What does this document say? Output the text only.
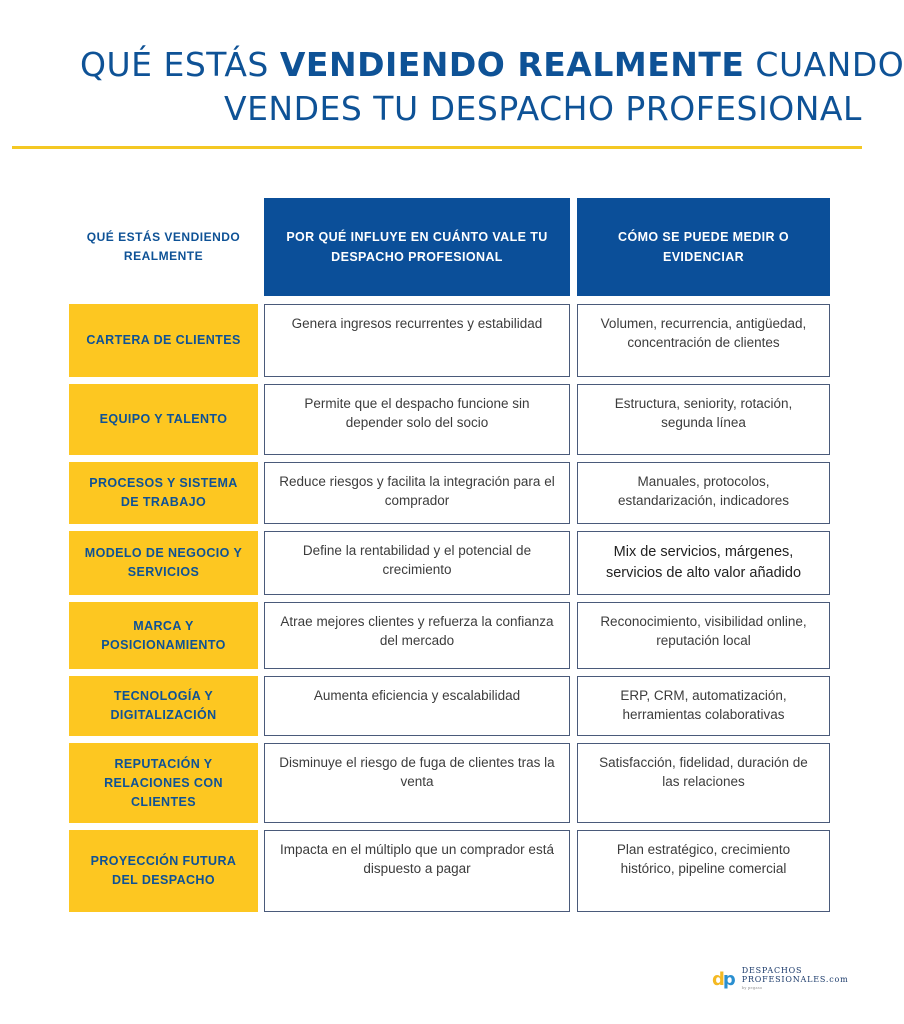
QUÉ ESTÁS VENDIENDO REALMENTE CUANDO
VENDES TU DESPACHO PROFESIONAL
QUÉ ESTÁS VENDIENDO REALMENTE
POR QUÉ INFLUYE EN CUÁNTO VALE TU DESPACHO PROFESIONAL
CÓMO SE PUEDE MEDIR O EVIDENCIAR
CARTERA DE CLIENTES
Genera ingresos recurrentes y estabilidad	Volumen, recurrencia, antigüedad, concentración de clientes
EQUIPO Y TALENTO
Permite que el despacho funcione sin depender solo del socio
Estructura, seniority, rotación, segunda línea
PROCESOS Y SISTEMA DE TRABAJO
Reduce riesgos y facilita la integración para el comprador
Manuales, protocolos, estandarización, indicadores
MODELO DE NEGOCIO Y SERVICIOS
Define la rentabilidad y el potencial de crecimiento
Mix de servicios, márgenes, servicios de alto valor añadido
MARCA Y POSICIONAMIENTO
Atrae mejores clientes y refuerza la confianza del mercado
Reconocimiento, visibilidad online, reputación local
TECNOLOGÍA Y DIGITALIZACIÓN
Aumenta eficiencia y escalabilidad	ERP, CRM, automatización, herramientas colaborativas
REPUTACIÓN Y RELACIONES CON CLIENTES
Disminuye el riesgo de fuga de clientes tras la venta
Satisfacción, fidelidad, duración de las relaciones
PROYECCIÓN FUTURA DEL DESPACHO
Impacta en el múltiplo que un comprador está dispuesto a pagar
Plan estratégico, crecimiento histórico, pipeline comercial
dp DESPACHOS
PROFESIONALES.com
by pegaso
